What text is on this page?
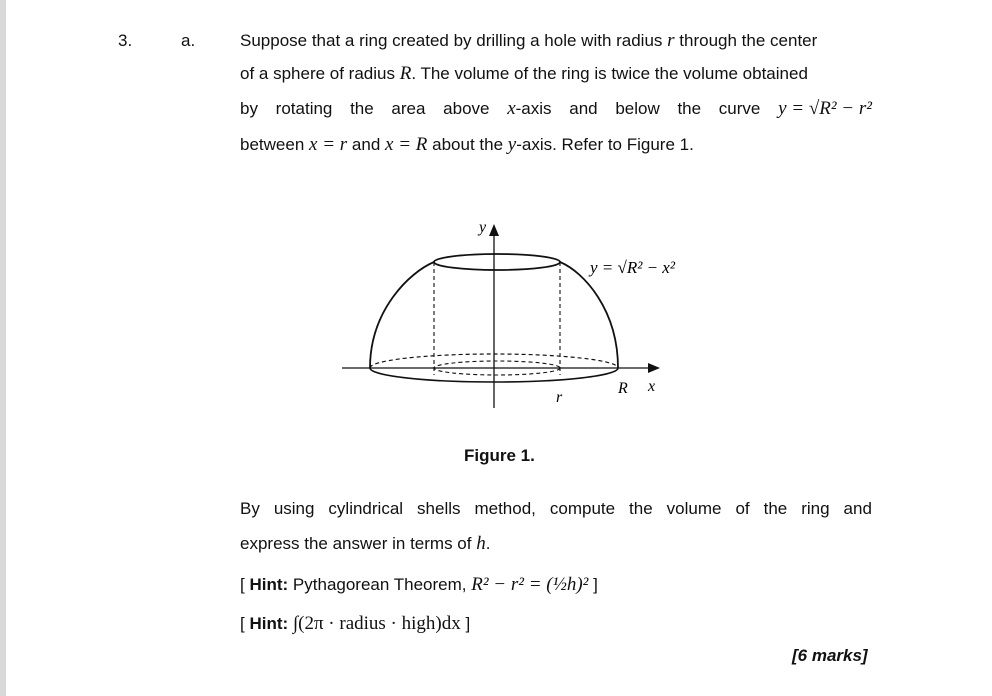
3.	a.	Suppose that a ring created by drilling a hole with radius r through the center
of a sphere of radius R. The volume of the ring is twice the volume obtained
by rotating the area above x-axis and below the curve y = √R² − r²
between x = r and x = R about the y-axis. Refer to Figure 1.
y
x
R
r
y = √R² − x²
Figure 1.
By using cylindrical shells method, compute the volume of the ring and
express the answer in terms of h.
[ Hint: Pythagorean Theorem, R² − r² = (½h)² ]
[ Hint: ∫(2π · radius · high)dx ]
[6 marks]
